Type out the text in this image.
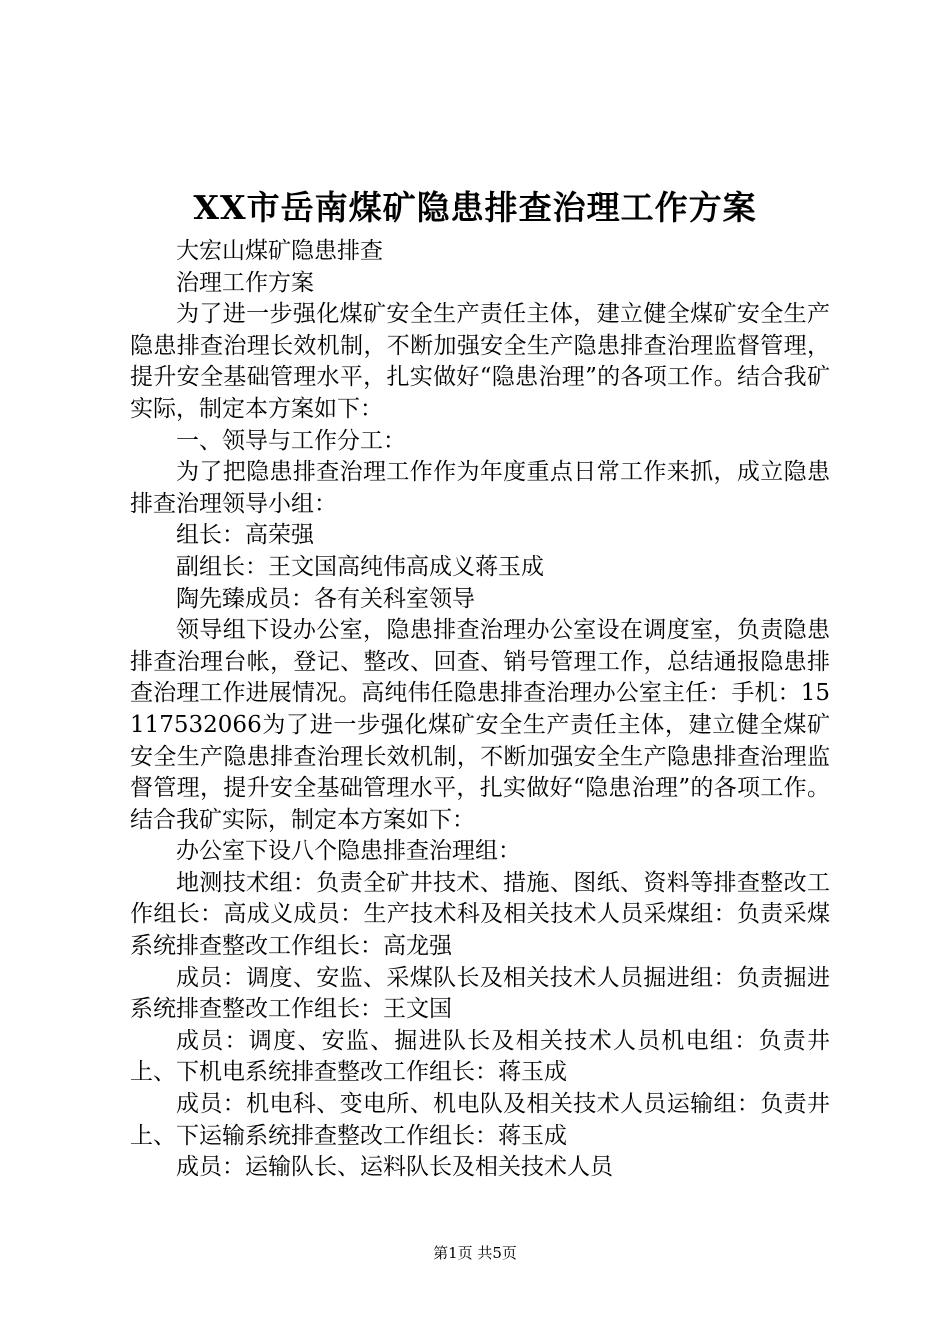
XX市岳南煤矿隐患排查治理工作方案

大宏山煤矿隐患排查

治理工作方案

为了进一步强化煤矿安全生产责任主体，建立健全煤矿安全生产隐患排查治理长效机制，不断加强安全生产隐患排查治理监督管理，提升安全基础管理水平，扎实做好“隐患治理”的各项工作。结合我矿实际，制定本方案如下：

一、领导与工作分工：

为了把隐患排查治理工作作为年度重点日常工作来抓，成立隐患排查治理领导小组：

组长：高荣强

副组长：王文国高纯伟高成义蒋玉成

陶先臻成员：各有关科室领导

领导组下设办公室，隐患排查治理办公室设在调度室，负责隐患排查治理台帐，登记、整改、回查、销号管理工作，总结通报隐患排查治理工作进展情况。高纯伟任隐患排查治理办公室主任：手机：15117532066为了进一步强化煤矿安全生产责任主体，建立健全煤矿安全生产隐患排查治理长效机制，不断加强安全生产隐患排查治理监督管理，提升安全基础管理水平，扎实做好“隐患治理”的各项工作。结合我矿实际，制定本方案如下：

办公室下设八个隐患排查治理组：

地测技术组：负责全矿井技术、措施、图纸、资料等排查整改工作组长：高成义成员：生产技术科及相关技术人员采煤组：负责采煤系统排查整改工作组长：高龙强

成员：调度、安监、采煤队长及相关技术人员掘进组：负责掘进系统排查整改工作组长：王文国

成员：调度、安监、掘进队长及相关技术人员机电组：负责井上、下机电系统排查整改工作组长：蒋玉成

成员：机电科、变电所、机电队及相关技术人员运输组：负责井上、下运输系统排查整改工作组长：蒋玉成

成员：运输队长、运料队长及相关技术人员

第1页 共5页
